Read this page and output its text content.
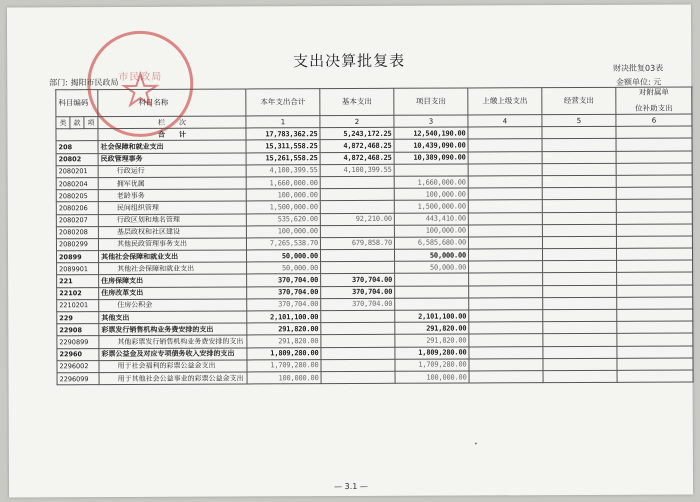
市民政局
支出决算批复表	财决批复03表
部门: 揭阳市民政局	金额单位: 元
科目编码			科目名称	本年支出合计	基本支出	项目支出	上缴上级支出	经营支出	对附属单
位补助支出

类	款	项	栏　　次	1	2	3	4	5	6
			合　　计	17,783,362.25	5,243,172.25	12,540,190.00			
208			社会保障和就业支出	15,311,558.25	4,872,468.25	10,439,090.00			
20802			民政管理事务	15,261,558.25	4,872,468.25	10,389,090.00			
2080201			行政运行	4,100,399.55	4,100,399.55				
2080204			拥军优属	1,660,000.00		1,660,000.00			
2080205			老龄事务	100,000.00		100,000.00			
2080206			民间组织管理	1,500,000.00		1,500,000.00			
2080207			行政区划和地名管理	535,620.00	92,210.00	443,410.00			
2080208			基层政权和社区建设	100,000.00		100,000.00			
2080299			其他民政管理事务支出	7,265,538.70	679,858.70	6,585,680.00			
20899			其他社会保障和就业支出	50,000.00		50,000.00			
2089901			其他社会保障和就业支出	50,000.00		50,000.00			
221			住房保障支出	370,704.00	370,704.00				
22102			住房改革支出	370,704.00	370,704.00				
2210201			住房公积金	370,704.00	370,704.00				
229			其他支出	2,101,100.00		2,101,100.00			
22908			彩票发行销售机构业务费安排的支出	291,820.00		291,820.00			
2290899			其他彩票发行销售机构业务费安排的支出	291,820.00		291,820.00			
22960			彩票公益金及对应专项债务收入安排的支出	1,809,280.00		1,809,280.00			
2296002			用于社会福利的彩票公益金支出	1,709,280.00		1,709,280.00			
2296099			用于其他社会公益事业的彩票公益金支出	100,000.00		100,000.00			
— 3.1 —
